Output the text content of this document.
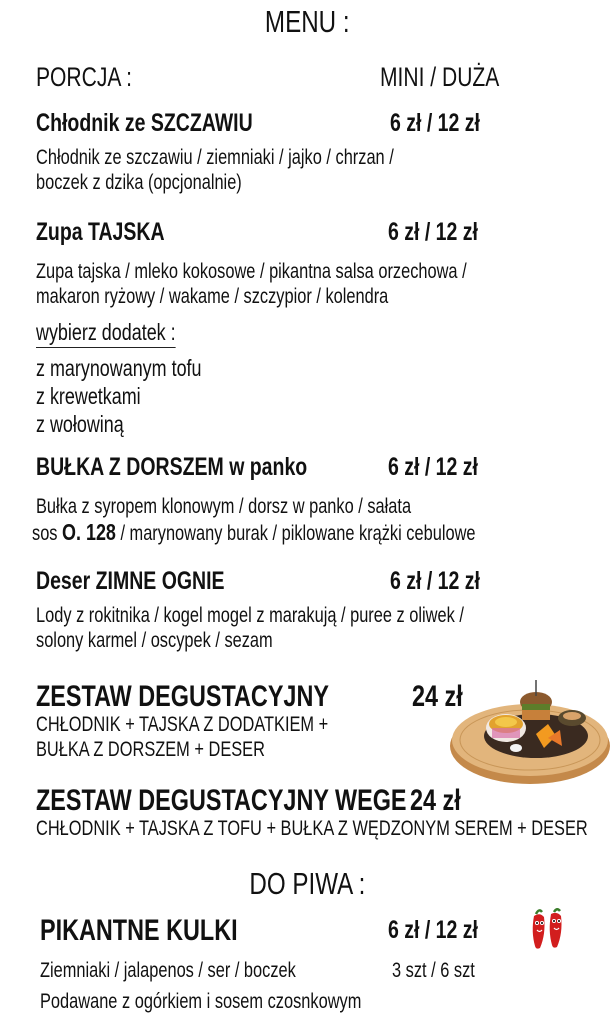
MENU :
PORCJA :	MINI / DUŻA
Chłodnik ze SZCZAWIU	6 zł / 12 zł
Chłodnik ze szczawiu / ziemniaki / jajko / chrzan /
boczek z dzika (opcjonalnie)
Zupa TAJSKA	6 zł / 12 zł
Zupa tajska / mleko kokosowe / pikantna salsa orzechowa /
makaron ryżowy / wakame / szczypior / kolendra
wybierz dodatek :
z marynowanym tofu
z krewetkami
z wołowiną
BUŁKA Z DORSZEM w panko	6 zł / 12 zł
Bułka z syropem klonowym / dorsz w panko / sałata
sos O. 128 / marynowany burak / piklowane krążki cebulowe
Deser ZIMNE OGNIE	6 zł / 12 zł
Lody z rokitnika / kogel mogel z marakują / puree z oliwek /
solony karmel / oscypek / sezam
ZESTAW DEGUSTACYJNY	24 zł
CHŁODNIK + TAJSKA Z DODATKIEM +
BUŁKA Z DORSZEM + DESER
ZESTAW DEGUSTACYJNY WEGE 24 zł
CHŁODNIK + TAJSKA Z TOFU + BUŁKA Z WĘDZONYM SEREM + DESER
DO PIWA :
PIKANTNE KULKI	6 zł / 12 zł
Ziemniaki / jalapenos / ser / boczek	3 szt / 6 szt
Podawane z ogórkiem i sosem czosnkowym
